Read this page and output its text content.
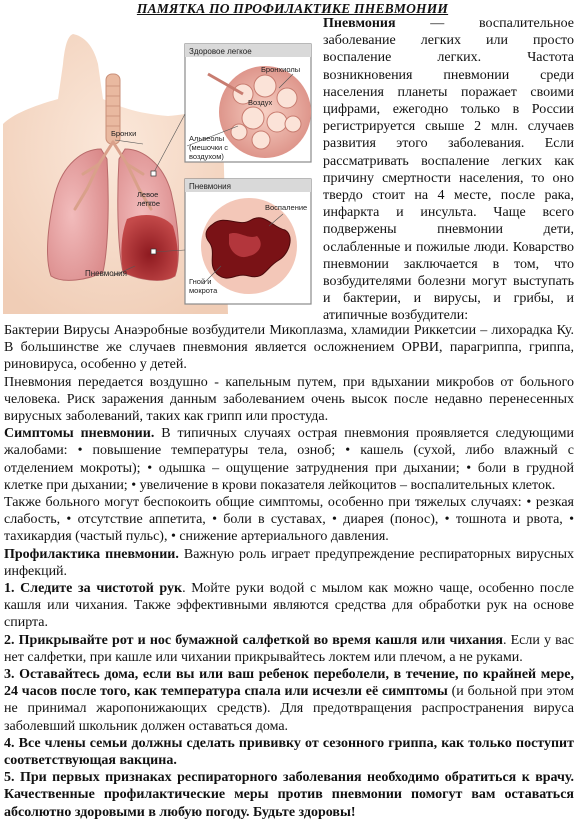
ПАМЯТКА ПО ПРОФИЛАКТИКЕ ПНЕВМОНИИ
Здоровое легкое
Бронхиолы
Воздух
Альвеолы
(мешочки с
воздухом)
Пневмония
Воспаление
Гной и
мокрота
Бронхи
Левое
легкое
Пневмония
Пневмония — воспалительное заболевание легких или просто воспаление легких. Частота возникновения пневмонии среди населения планеты поражает своими цифрами, ежегодно только в России регистрируется свыше 2 млн. случаев развития этого заболевания. Если рассматривать воспаление легких как причину смертности населения, то оно твердо стоит на 4 месте, после рака, инфаркта и инсульта. Чаще всего подвержены пневмонии дети, ослабленные и пожилые люди. Коварство пневмонии заключается в том, что возбудителями болезни могут выступать и бактерии, и вирусы, и грибы, и атипичные возбудители:

Бактерии Вирусы Анаэробные возбудители Микоплазма, хламидии Риккетсии – лихорадка Ку. В большинстве же случаев пневмония является осложнением ОРВИ, парагриппа, гриппа, риновируса, особенно у детей.

Пневмония передается воздушно - капельным путем, при вдыхании микробов от больного человека. Риск заражения данным заболеванием очень высок после недавно перенесенных вирусных заболеваний, таких как грипп или простуда.

Симптомы пневмонии. В типичных случаях острая пневмония проявляется следующими жалобами: • повышение температуры тела, озноб; • кашель (сухой, либо влажный с отделением мокроты); • одышка – ощущение затруднения при дыхании; • боли в грудной клетке при дыхании; • увеличение в крови показателя лейкоцитов – воспалительных клеток.

Также больного могут беспокоить общие симптомы, особенно при тяжелых случаях: • резкая слабость, • отсутствие аппетита, • боли в суставах, • диарея (понос), • тошнота и рвота, • тахикардия (частый пульс), • снижение артериального давления.

Профилактика пневмонии. Важную роль играет предупреждение респираторных вирусных инфекций.

1. Следите за чистотой рук. Мойте руки водой с мылом как можно чаще, особенно после кашля или чихания. Также эффективными являются средства для обработки рук на основе спирта.

2. Прикрывайте рот и нос бумажной салфеткой во время кашля или чихания. Если у вас нет салфетки, при кашле или чихании прикрывайтесь локтем или плечом, а не руками.

3. Оставайтесь дома, если вы или ваш ребенок переболели, в течение, по крайней мере, 24 часов после того, как температура спала или исчезли её симптомы (и больной при этом не принимал жаропонижающих средств). Для предотвращения распространения вируса заболевший школьник должен оставаться дома.

4. Все члены семьи должны сделать прививку от сезонного гриппа, как только поступит соответствующая вакцина.

5. При первых признаках респираторного заболевания необходимо обратиться к врачу. Качественные профилактические меры против пневмонии помогут вам оставаться абсолютно здоровыми в любую погоду. Будьте здоровы!
